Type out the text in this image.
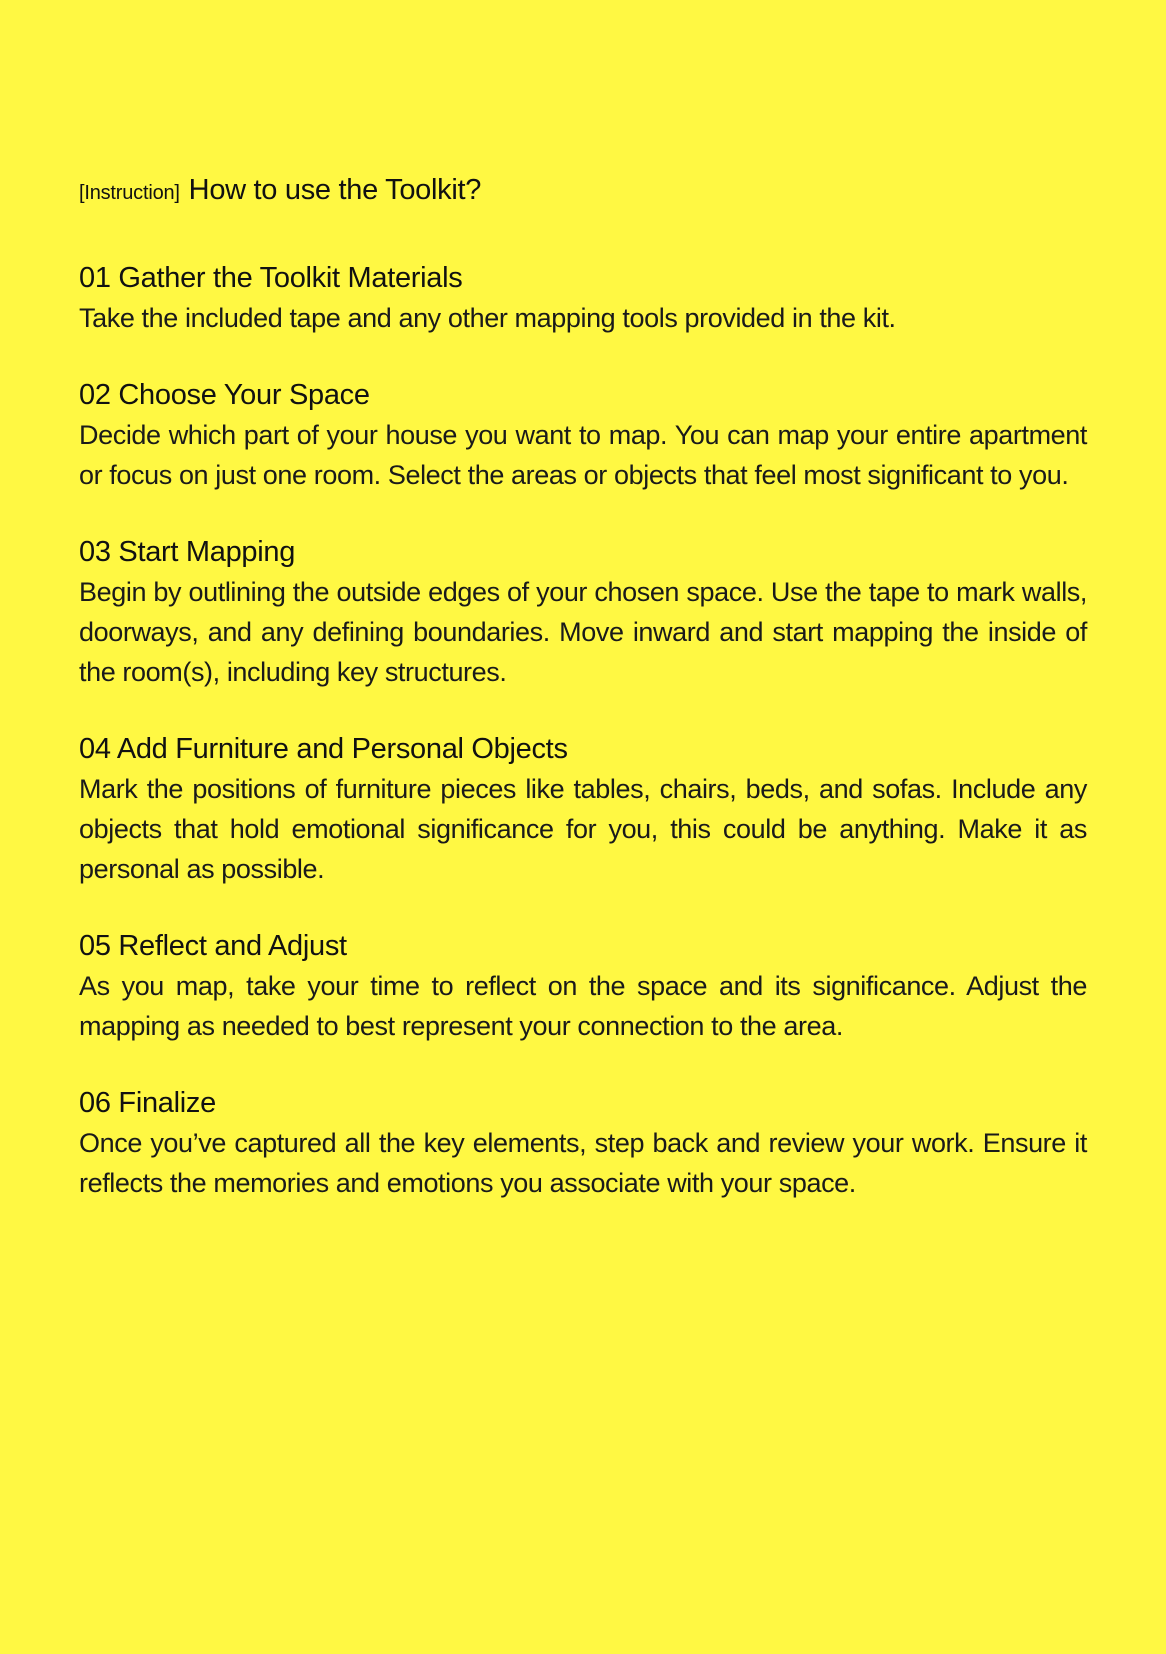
[Instruction] How to use the Toolkit?
01 Gather the Toolkit Materials

Take the included tape and any other mapping tools provided in the kit.

02 Choose Your Space

Decide which part of your house you want to map. You can map your entire apartment or focus on just one room. Select the areas or objects that feel most significant to you.

03 Start Mapping

Begin by outlining the outside edges of your chosen space. Use the tape to mark walls, doorways, and any defining boundaries. Move inward and start mapping the inside of the room(s), including key structures.

04 Add Furniture and Personal Objects

Mark the positions of furniture pieces like tables, chairs, beds, and sofas. Include any objects that hold emotional significance for you, this could be anything. Make it as personal as possible.

05 Reflect and Adjust

As you map, take your time to reflect on the space and its significance. Adjust the mapping as needed to best represent your connection to the area.

06 Finalize

Once you’ve captured all the key elements, step back and review your work. Ensure it reflects the memories and emotions you associate with your space.
